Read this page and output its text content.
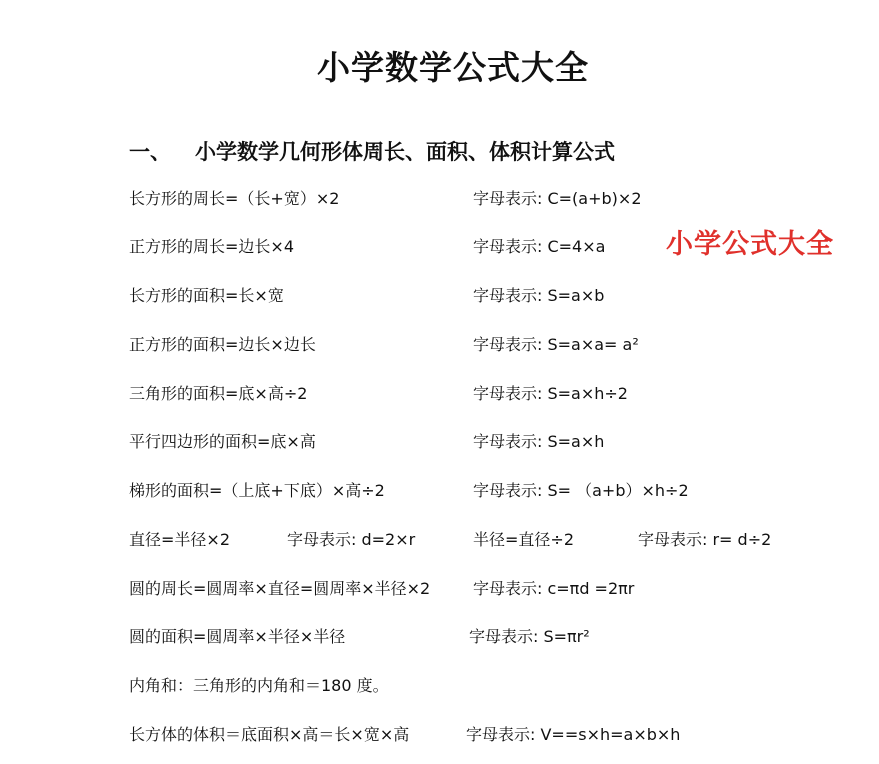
小学数学公式大全
一、 小学数学几何形体周长、面积、体积计算公式
小学公式大全
长方形的周长=（长+宽）×2	字母表示: C=(a+b)×2
正方形的周长=边长×4	字母表示: C=4×a
长方形的面积=长×宽	字母表示: S=a×b
正方形的面积=边长×边长	字母表示: S=a×a= a²
三角形的面积=底×高÷2	字母表示: S=a×h÷2
平行四边形的面积=底×高	字母表示: S=a×h
梯形的面积=（上底+下底）×高÷2	字母表示: S= （a+b）×h÷2
直径=半径×2	字母表示: d=2×r	半径=直径÷2	字母表示: r= d÷2
圆的周长=圆周率×直径=圆周率×半径×2	字母表示: c=πd =2πr
圆的面积=圆周率×半径×半径	字母表示: S=πr²
内角和：三角形的内角和＝180 度。
长方体的体积＝底面积×高＝长×宽×高	字母表示: V==s×h=a×b×h
